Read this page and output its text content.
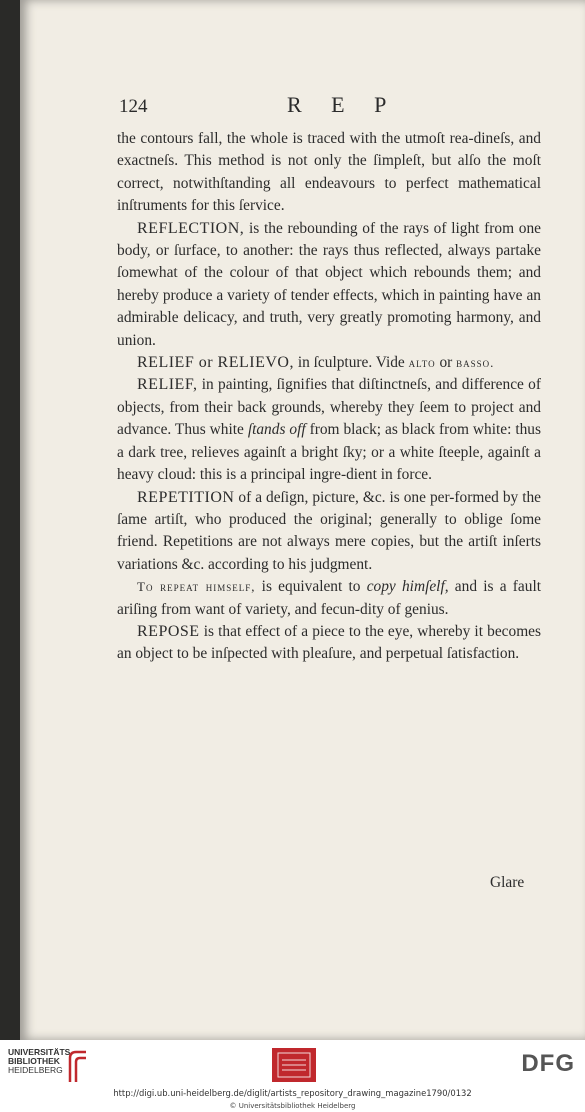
124	R E P

the contours fall, the whole is traced with the utmoſt rea-dineſs, and exactneſs. This method is not only the ſimpleſt, but alſo the moſt correct, notwithſtanding all endeavours to perfect mathematical inſtruments for this ſervice.

REFLECTION, is the rebounding of the rays of light from one body, or ſurface, to another: the rays thus reflected, always partake ſomewhat of the colour of that object which rebounds them; and hereby produce a variety of tender effects, which in painting have an admirable delicacy, and truth, very greatly promoting harmony, and union.

RELIEF or RELIEVO, in ſculpture. Vide alto or basso.

RELIEF, in painting, ſignifies that diſtinctneſs, and difference of objects, from their back grounds, whereby they ſeem to project and advance. Thus white ſtands off from black; as black from white: thus a dark tree, relieves againſt a bright ſky; or a white ſteeple, againſt a heavy cloud: this is a principal ingre-dient in force.

REPETITION of a deſign, picture, &c. is one per-formed by the ſame artiſt, who produced the original; generally to oblige ſome friend. Repetitions are not always mere copies, but the artiſt inſerts variations &c. according to his judgment.

To repeat himself, is equivalent to copy himſelf, and is a fault ariſing from want of variety, and fecun-dity of genius.

REPOSE is that effect of a piece to the eye, whereby it becomes an object to be inſpected with pleaſure, and perpetual ſatisfaction.

Glare
UNIVERSITÄTS-
BIBLIOTHEK
HEIDELBERG	DFG
http://digi.ub.uni-heidelberg.de/diglit/artists_repository_drawing_magazine1790/0132
© Universitätsbibliothek Heidelberg
